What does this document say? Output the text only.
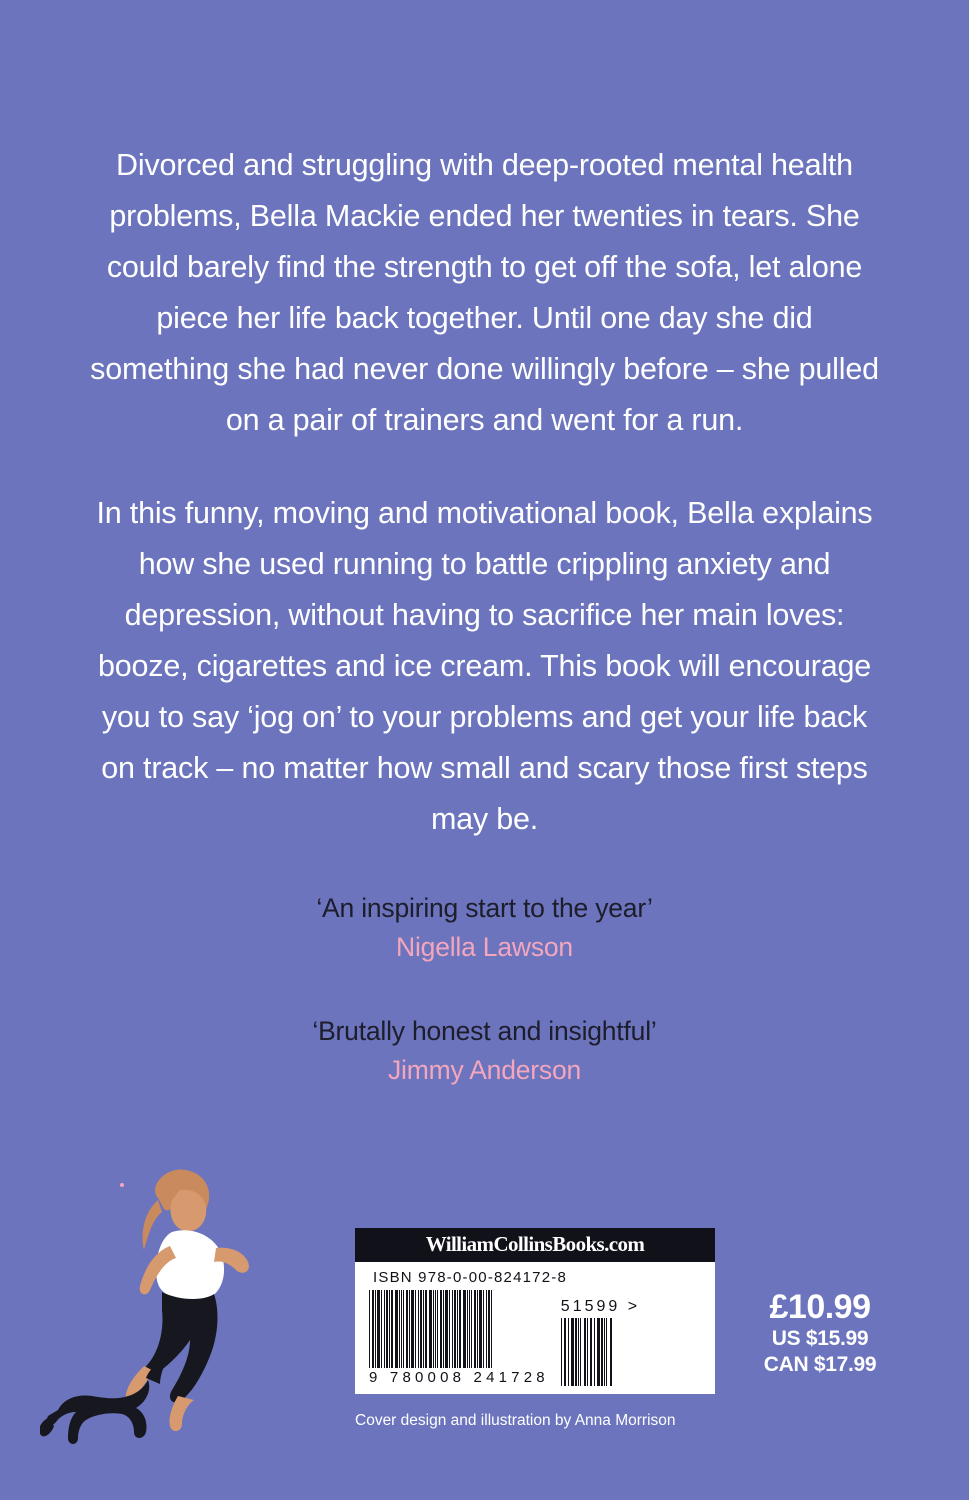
Divorced and struggling with deep-rooted mental health problems, Bella Mackie ended her twenties in tears. She could barely find the strength to get off the sofa, let alone piece her life back together. Until one day she did something she had never done willingly before – she pulled on a pair of trainers and went for a run.

In this funny, moving and motivational book, Bella explains how she used running to battle crippling anxiety and depression, without having to sacrifice her main loves: booze, cigarettes and ice cream. This book will encourage you to say ‘jog on’ to your problems and get your life back on track – no matter how small and scary those first steps may be.

‘An inspiring start to the year’
Nigella Lawson
‘Brutally honest and insightful’
Jimmy Anderson
WilliamCollinsBooks.com
ISBN 978-0-00-824172-8
9 780008 241728
51599 >	£10.99
US $15.99
CAN $17.99
Cover design and illustration by Anna Morrison
